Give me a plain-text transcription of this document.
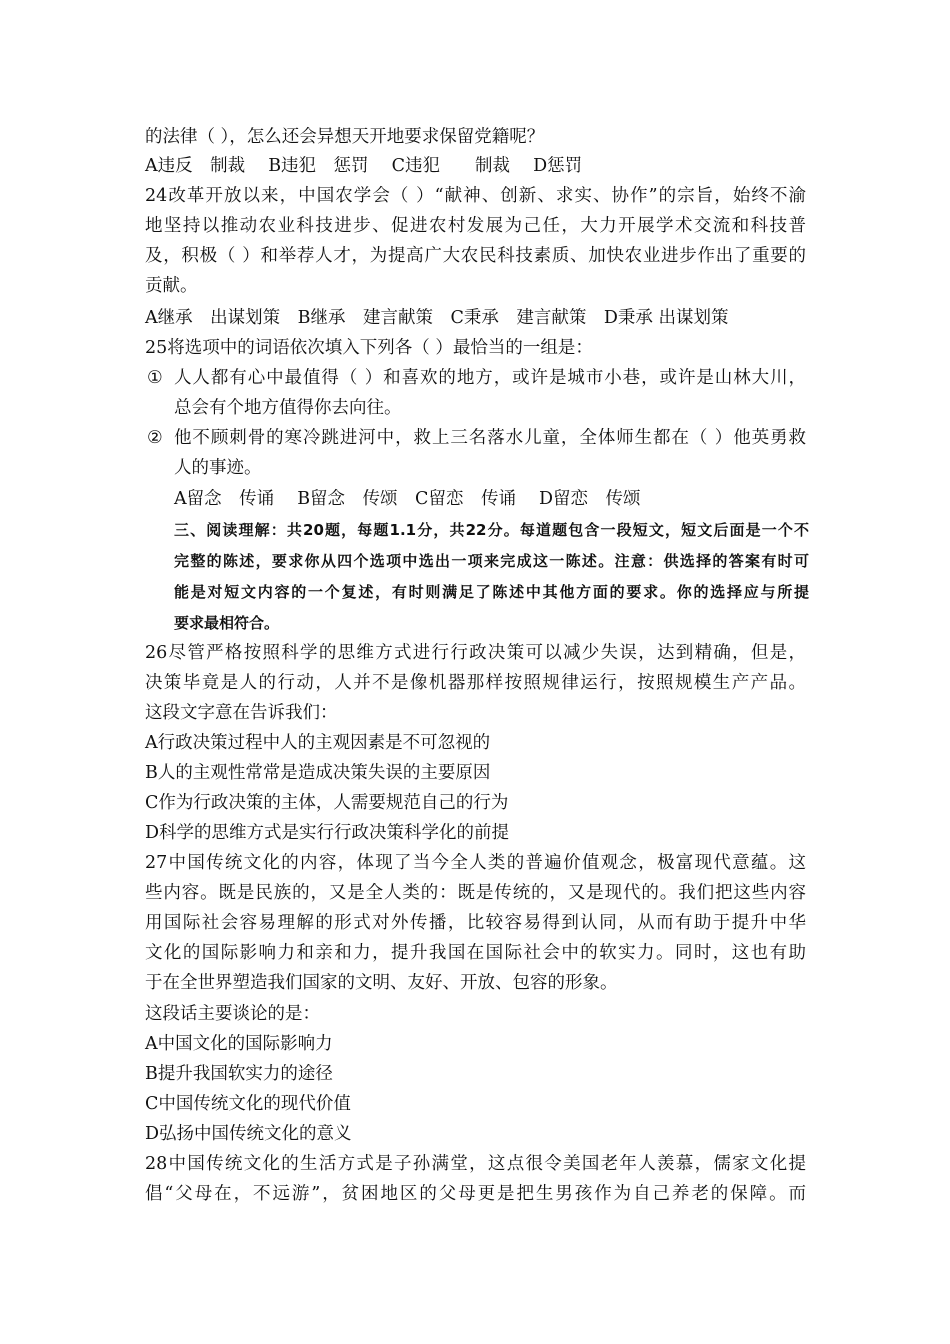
的法律（ ），怎么还会异想天开地要求保留党籍呢？
A违反　制裁　 B违犯　惩罚　 C违犯　　制裁　 D惩罚
24改革开放以来，中国农学会（ ）“献神、创新、求实、协作”的宗旨，始终不渝
地坚持以推动农业科技进步、促进农村发展为己任，大力开展学术交流和科技普
及，积极（ ）和举荐人才，为提高广大农民科技素质、加快农业进步作出了重要的
贡献。
A继承　出谋划策　B继承　建言献策　C秉承　建言献策　D秉承 出谋划策
25将选项中的词语依次填入下列各（ ）最恰当的一组是：
① 人人都有心中最值得（ ）和喜欢的地方，或许是城市小巷，或许是山林大川，
总会有个地方值得你去向往。
② 他不顾刺骨的寒冷跳进河中，救上三名落水儿童，全体师生都在（ ）他英勇救
人的事迹。
A留念　传诵　 B留念　传颂　C留恋　传诵　 D留恋　传颂
三、阅读理解：共20题，每题1.1分，共22分。每道题包含一段短文，短文后面是一个不
完整的陈述，要求你从四个选项中选出一项来完成这一陈述。注意：供选择的答案有时可
能是对短文内容的一个复述，有时则满足了陈述中其他方面的要求。你的选择应与所提
要求最相符合。
26尽管严格按照科学的思维方式进行行政决策可以减少失误，达到精确，但是，
决策毕竟是人的行动，人并不是像机器那样按照规律运行，按照规模生产产品。
这段文字意在告诉我们：
A行政决策过程中人的主观因素是不可忽视的
B人的主观性常常是造成决策失误的主要原因
C作为行政决策的主体，人需要规范自己的行为
D科学的思维方式是实行行政决策科学化的前提
27中国传统文化的内容，体现了当今全人类的普遍价值观念，极富现代意蕴。这
些内容。既是民族的，又是全人类的：既是传统的，又是现代的。我们把这些内容
用国际社会容易理解的形式对外传播，比较容易得到认同，从而有助于提升中华
文化的国际影响力和亲和力，提升我国在国际社会中的软实力。同时，这也有助
于在全世界塑造我们国家的文明、友好、开放、包容的形象。
这段话主要谈论的是：
A中国文化的国际影响力
B提升我国软实力的途径
C中国传统文化的现代价值
D弘扬中国传统文化的意义
28中国传统文化的生活方式是子孙满堂，这点很令美国老年人羡慕，儒家文化提
倡“父母在，不远游”，贫困地区的父母更是把生男孩作为自己养老的保障。而
